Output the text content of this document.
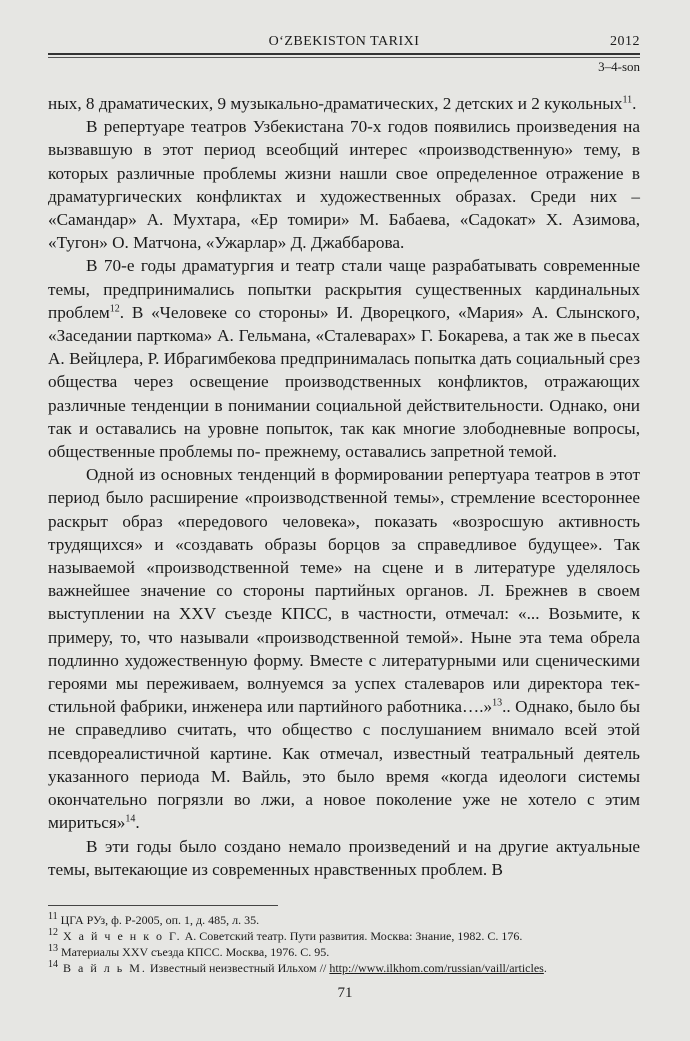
O‘ZBEKISTON TARIXI	2012
3–4-son

ных, 8 драматических, 9 музыкально-драматических, 2 детских и 2 кукольных$^{11}$.

В репертуаре театров Узбекистана 70-х годов появились произведения на вызвавшую в этот период всеобщий интерес «производственную» тему, в которых различные проблемы жизни нашли свое определенное отражение в драматургических конфликтах и художественных образах. Среди них – «Самандар» А. Мухтара, «Ер томири» М. Бабаева, «Садокат» Х. Азимова, «Тугон» О. Матчона, «Ужарлар» Д. Джаббарова.

В 70-е годы драматургия и театр стали чаще разрабатывать современные темы, предпринимались попытки раскрытия существенных кардинальных проблем$^{12}$. В «Человеке со стороны» И. Дворецкого, «Мария» А. Слынского, «Заседании парткома» А. Гельмана, «Сталеварах» Г. Бокарева, а так же в пьесах А. Вейцлера, Р. Ибрагимбекова предпринималась попытка дать социальный срез общества через освещение производственных конфликтов, отражающих различные тенденции в понимании социальной действительности. Однако, они так и оставались на уровне попыток, так как многие злободневные вопросы, общественные проблемы по- прежнему, оставались запретной темой.

Одной из основных тенденций в формировании репертуара театров в этот период было расширение «производственной темы», стремление всестороннее раскрыт образ «передового человека», показать «возросшую активность трудящихся» и «создавать образы борцов за справедливое будущее». Так называемой «производственной теме» на сцене и в литературе уделялось важнейшее значение со стороны партийных органов. Л. Брежнев в своем выступлении на XXV съезде КПСС, в частности, отмечал: «... Возьмите, к примеру, то, что называли «производственной темой». Ныне эта тема обрела подлинно художественную форму. Вместе с литературными или сценическими героями мы переживаем, волнуемся за успех сталеваров или директора текстильной фабрики, инженера или партийного работника….»$^{13}$.. Однако, было бы не справедливо считать, что общество с послушанием внимало всей этой псевдореалистичной картине. Как отмечал, известный театральный деятель указанного периода М. Вайль, это было время «когда идеологи системы окончательно погрязли во лжи, а новое поколение уже не хотело с этим мириться»$^{14}$.

В эти годы было создано немало произведений и на другие актуальные темы, вытекающие из современных нравственных проблем. В

$^{11}$ ЦГА РУз, ф. Р-2005, оп. 1, д. 485, л. 35.
$^{12}$ Х а й ч е н к о Г. А. Советский театр. Пути развития. Москва: Знание, 1982. С. 176.
$^{13}$ Материалы XXV съезда КПСС. Москва, 1976. С. 95.
$^{14}$ В а й л ь М. Известный неизвестный Ильхом // http://www.ilkhom.com/russian/vaill/articles.
71
